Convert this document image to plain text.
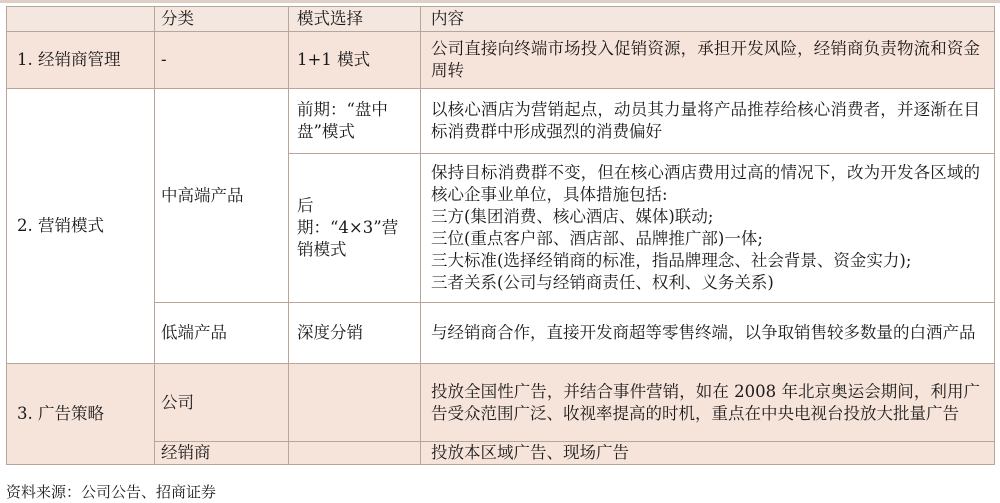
	分类	模式选择	内容
1. 经销商管理	-	1+1 模式	公司直接向终端市场投入促销资源，承担开发风险，经销商负责物流和资金周转
2. 营销模式	中高端产品	前期：“盘中盘”模式	以核心酒店为营销起点，动员其力量将产品推荐给核心消费者，并逐渐在目标消费群中形成强烈的消费偏好
		后期：“4×3”营销模式	保持目标消费群不变，但在核心酒店费用过高的情况下，改为开发各区域的核心企事业单位，具体措施包括:
三方(集团消费、核心酒店、媒体)联动;
三位(重点客户部、酒店部、品牌推广部)一体;
三大标准(选择经销商的标准，指品牌理念、社会背景、资金实力);
三者关系(公司与经销商责任、权利、义务关系)

	低端产品	深度分销	与经销商合作，直接开发商超等零售终端，以争取销售较多数量的白酒产品
3. 广告策略	公司		投放全国性广告，并结合事件营销，如在 2008 年北京奥运会期间，利用广告受众范围广泛、收视率提高的时机，重点在中央电视台投放大批量广告
	经销商		投放本区域广告、现场广告
资料来源：公司公告、招商证券
